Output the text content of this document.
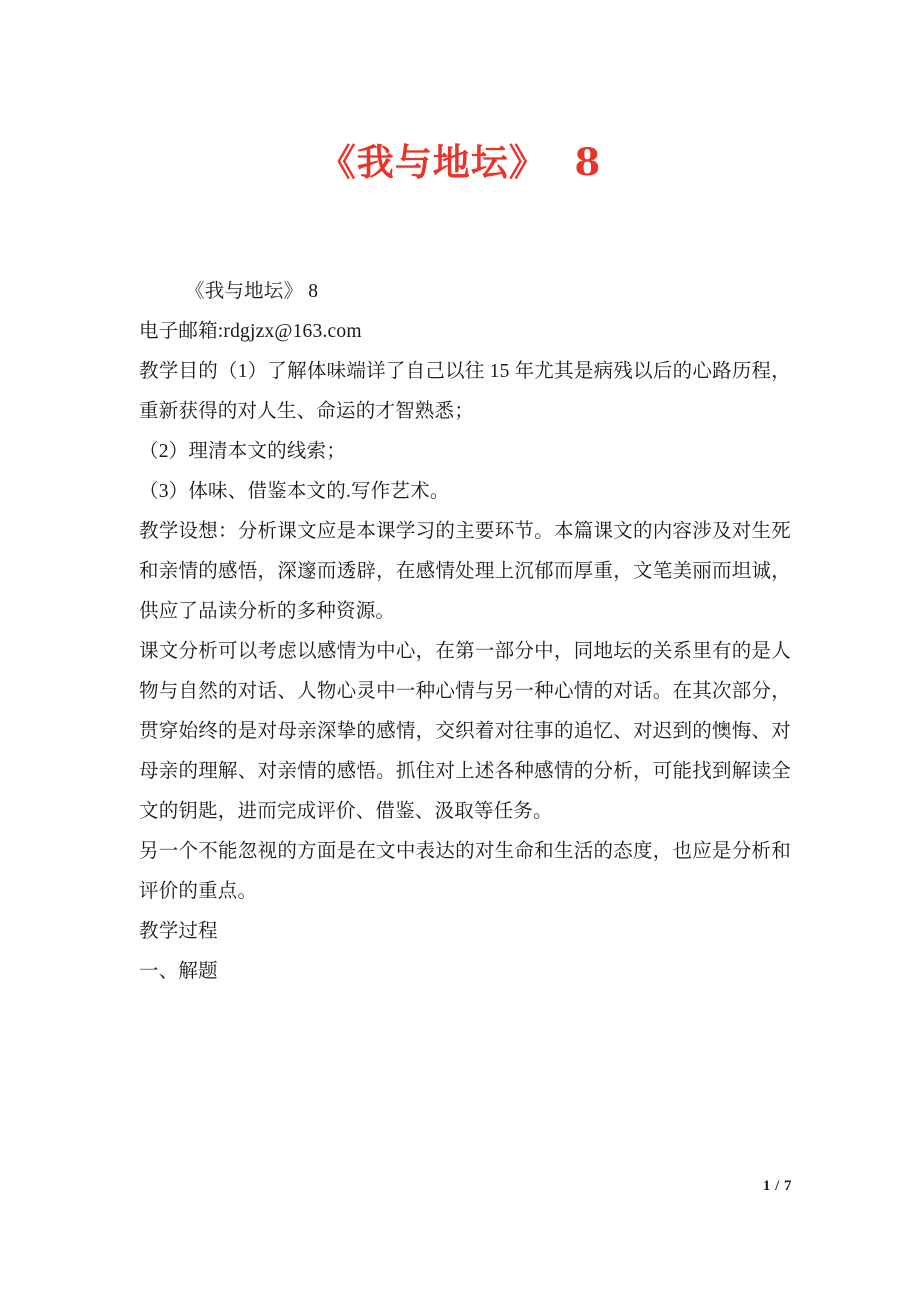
《我与地坛》  8

《我与地坛》 8

电子邮箱:rdgjzx@163.com

教学目的（1）了解体味端详了自己以往 15 年尤其是病残以后的心路历程，重新获得的对人生、命运的才智熟悉；

（2）理清本文的线索；

（3）体味、借鉴本文的.写作艺术。

教学设想：分析课文应是本课学习的主要环节。本篇课文的内容涉及对生死和亲情的感悟，深邃而透辟，在感情处理上沉郁而厚重，文笔美丽而坦诚，供应了品读分析的多种资源。

课文分析可以考虑以感情为中心，在第一部分中，同地坛的关系里有的是人物与自然的对话、人物心灵中一种心情与另一种心情的对话。在其次部分，贯穿始终的是对母亲深挚的感情，交织着对往事的追忆、对迟到的懊悔、对母亲的理解、对亲情的感悟。抓住对上述各种感情的分析，可能找到解读全文的钥匙，进而完成评价、借鉴、汲取等任务。

另一个不能忽视的方面是在文中表达的对生命和生活的态度，也应是分析和评价的重点。

教学过程

一、解题

1 / 7
